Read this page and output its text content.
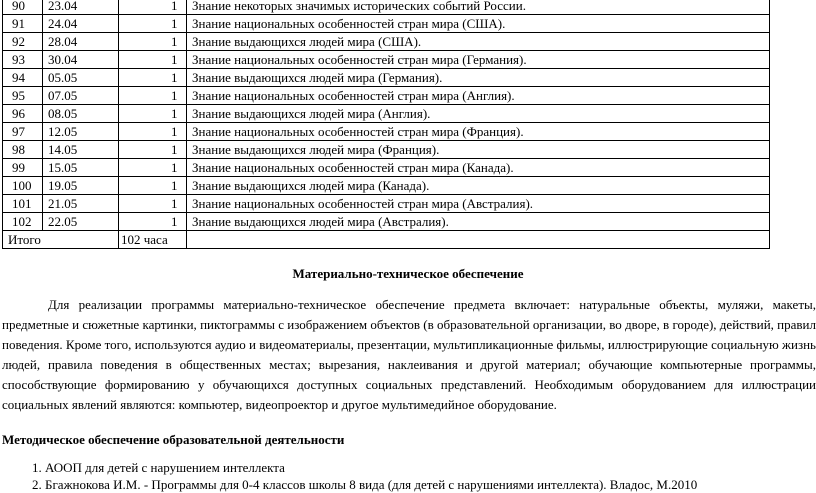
90	23.04	1	Знание некоторых значимых исторических событий России.
91	24.04	1	Знание национальных особенностей стран мира (США).
92	28.04	1	Знание выдающихся людей мира (США).
93	30.04	1	Знание национальных особенностей стран мира (Германия).
94	05.05	1	Знание выдающихся людей мира (Германия).
95	07.05	1	Знание национальных особенностей стран мира (Англия).
96	08.05	1	Знание выдающихся людей мира (Англия).
97	12.05	1	Знание национальных особенностей стран мира (Франция).
98	14.05	1	Знание выдающихся людей мира (Франция).
99	15.05	1	Знание национальных особенностей стран мира (Канада).
100	19.05	1	Знание выдающихся людей мира (Канада).
101	21.05	1	Знание национальных особенностей стран мира (Австралия).
102	22.05	1	Знание выдающихся людей мира (Австралия).
Итого		102 часа	
Материально-техническое обеспечение

Для реализации программы материально-техническое обеспечение предмета включает: натуральные объекты, муляжи, макеты, предметные и сюжетные картинки, пиктограммы с изображением объектов (в образовательной организации, во дворе, в городе), действий, правил поведения. Кроме того, используются аудио и видеоматериалы, презентации, мультипликационные фильмы, иллюстрирующие социальную жизнь людей, правила поведения в общественных местах; вырезания, наклеивания и другой материал; обучающие компьютерные программы, способствующие формированию у обучающихся доступных социальных представлений. Необходимым оборудованием для иллюстрации социальных явлений являются: компьютер, видеопроектор и другое мультимедийное оборудование.

Методическое обеспечение образовательной деятельности
1. АООП для детей с нарушением интеллекта
2. Бгажнокова И.М. - Программы для 0-4 классов школы 8 вида (для детей с нарушениями интеллекта). Владос, М.2010
